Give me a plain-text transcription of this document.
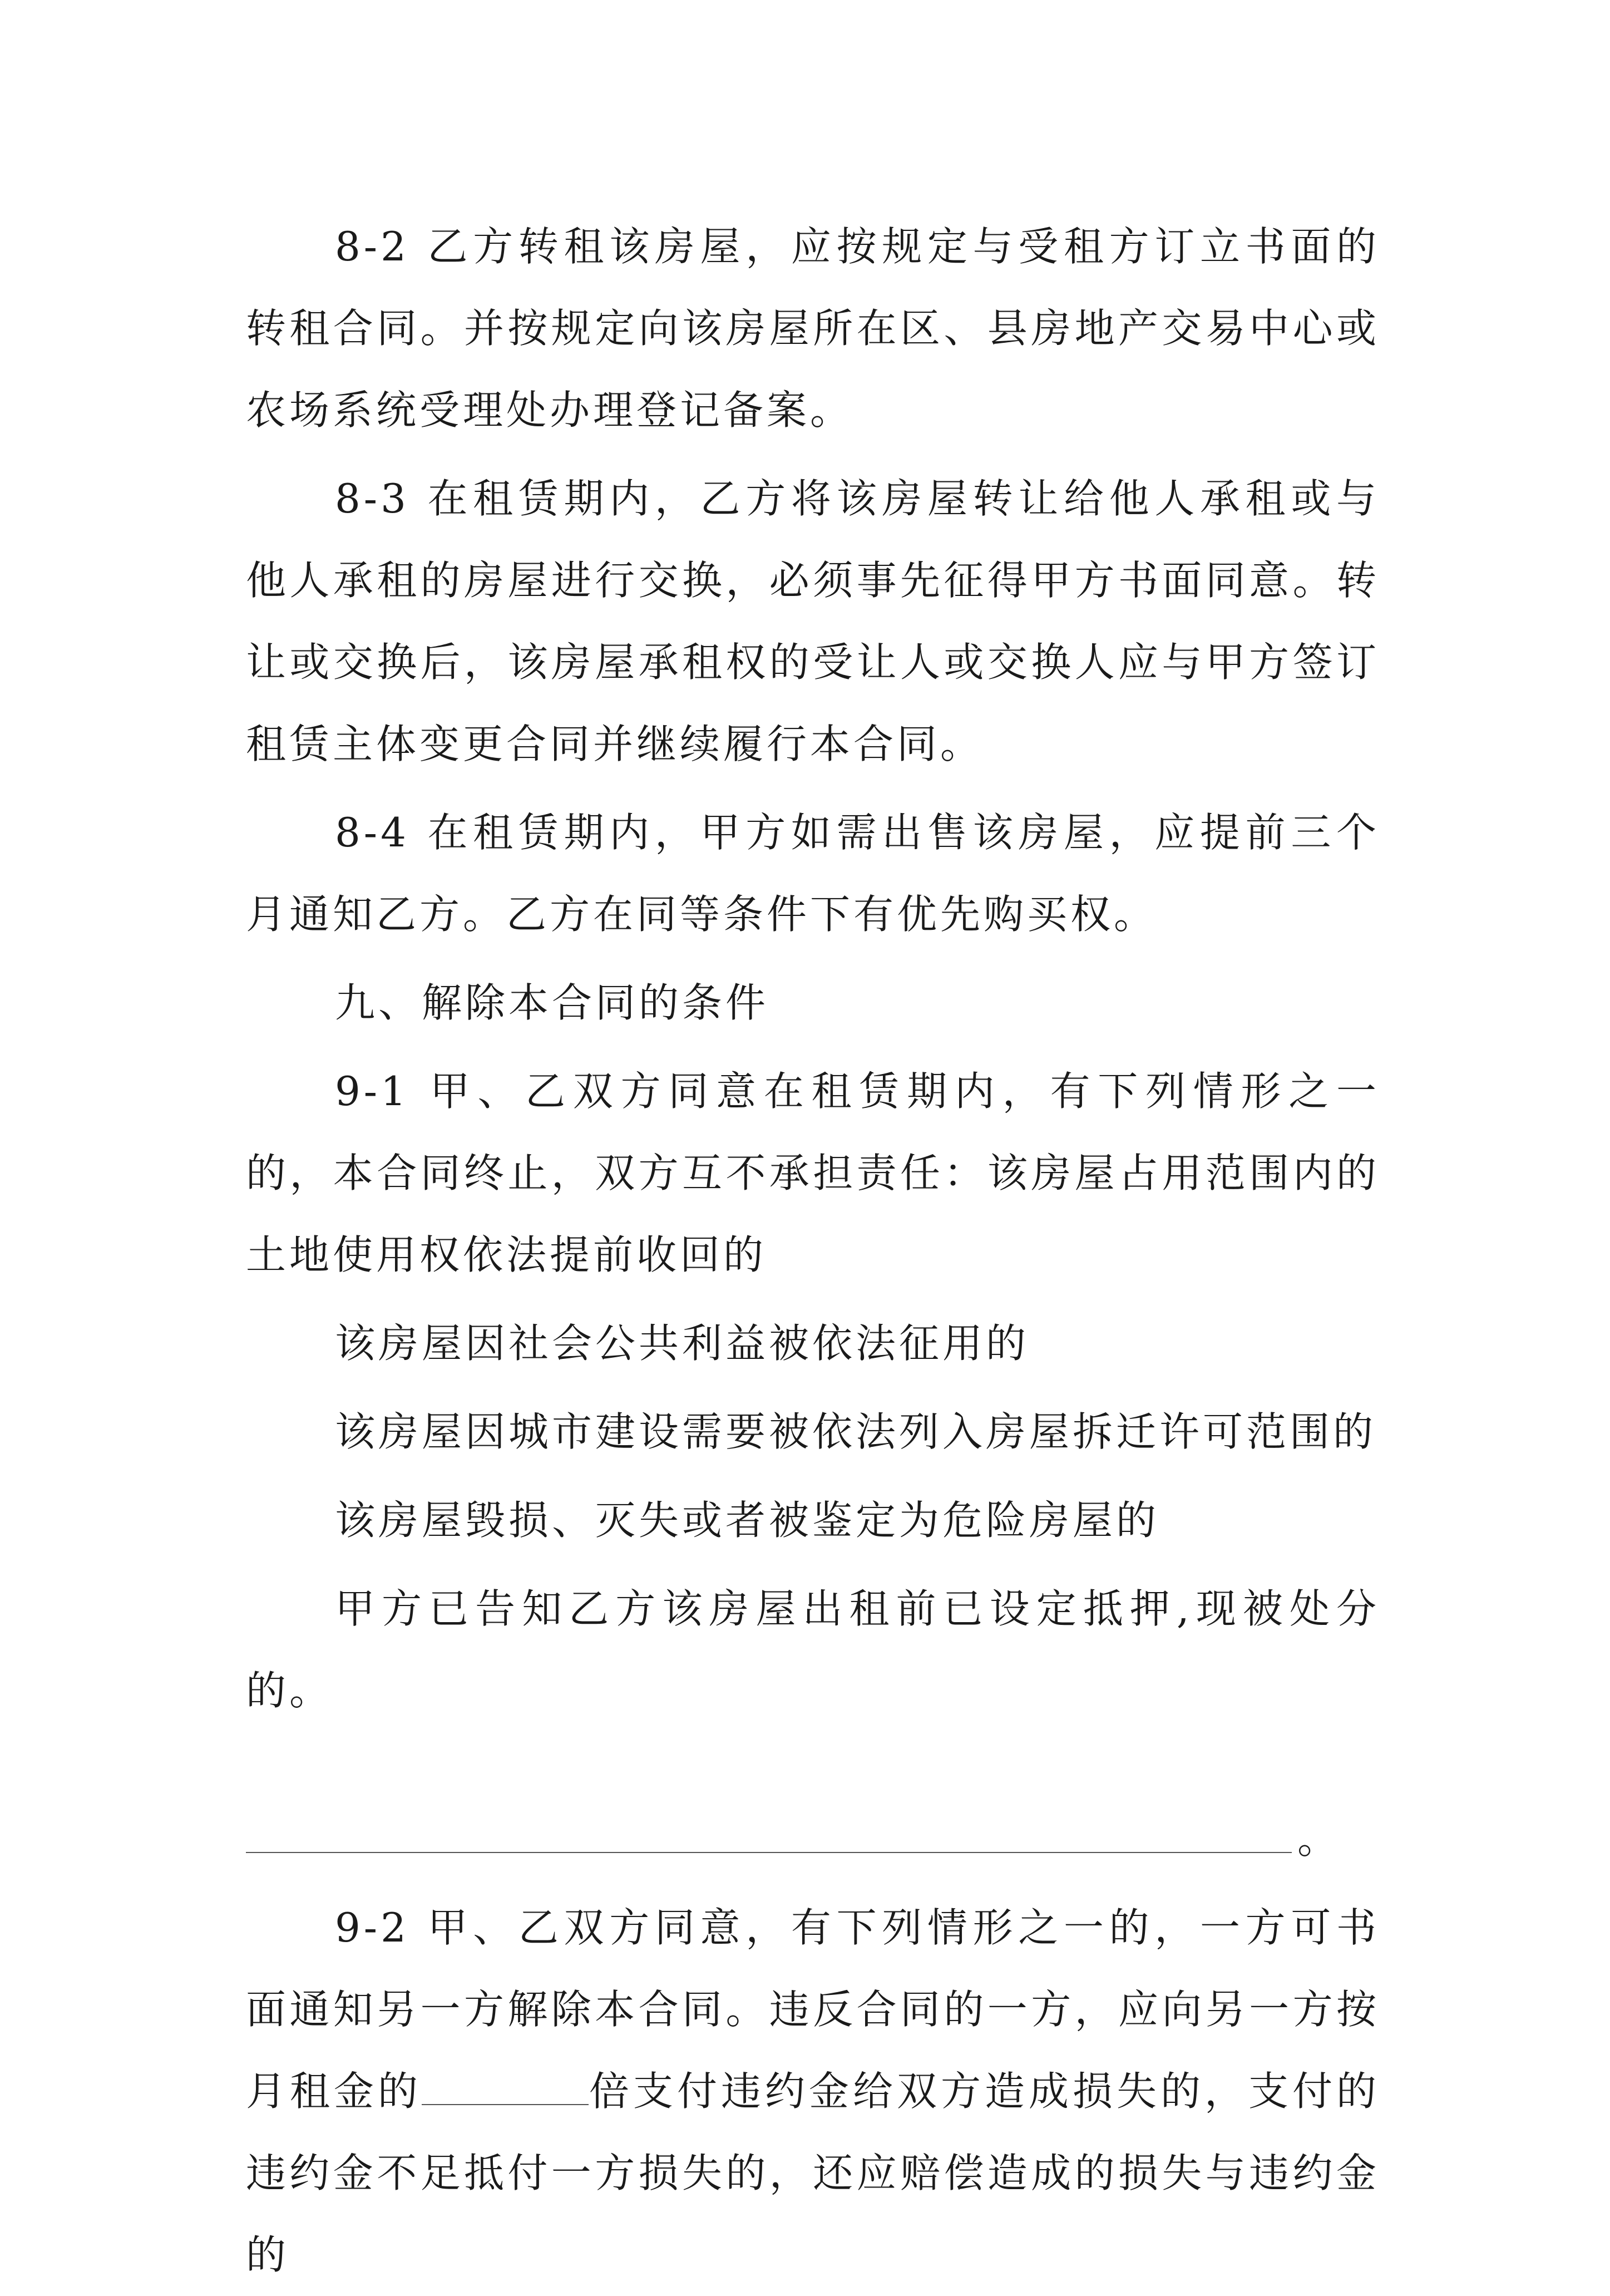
8-2 乙方转租该房屋，应按规定与受租方订立书面的转租合同。并按规定向该房屋所在区、县房地产交易中心或农场系统受理处办理登记备案。

8-3 在租赁期内，乙方将该房屋转让给他人承租或与他人承租的房屋进行交换，必须事先征得甲方书面同意。转让或交换后，该房屋承租权的受让人或交换人应与甲方签订租赁主体变更合同并继续履行本合同。

8-4 在租赁期内，甲方如需出售该房屋，应提前三个月通知乙方。乙方在同等条件下有优先购买权。

九、解除本合同的条件

9-1 甲、乙双方同意在租赁期内，有下列情形之一的，本合同终止，双方互不承担责任：该房屋占用范围内的土地使用权依法提前收回的

该房屋因社会公共利益被依法征用的

该房屋因城市建设需要被依法列入房屋拆迁许可范围的

该房屋毁损、灭失或者被鉴定为危险房屋的

甲方已告知乙方该房屋出租前已设定抵押,现被处分的。

。

9-2 甲、乙双方同意，有下列情形之一的，一方可书面通知另一方解除本合同。违反合同的一方，应向另一方按月租金的	倍支付违约金给双方造成损失的，支付的违约金不足抵付一方损失的，还应赔偿造成的损失与违约金的
